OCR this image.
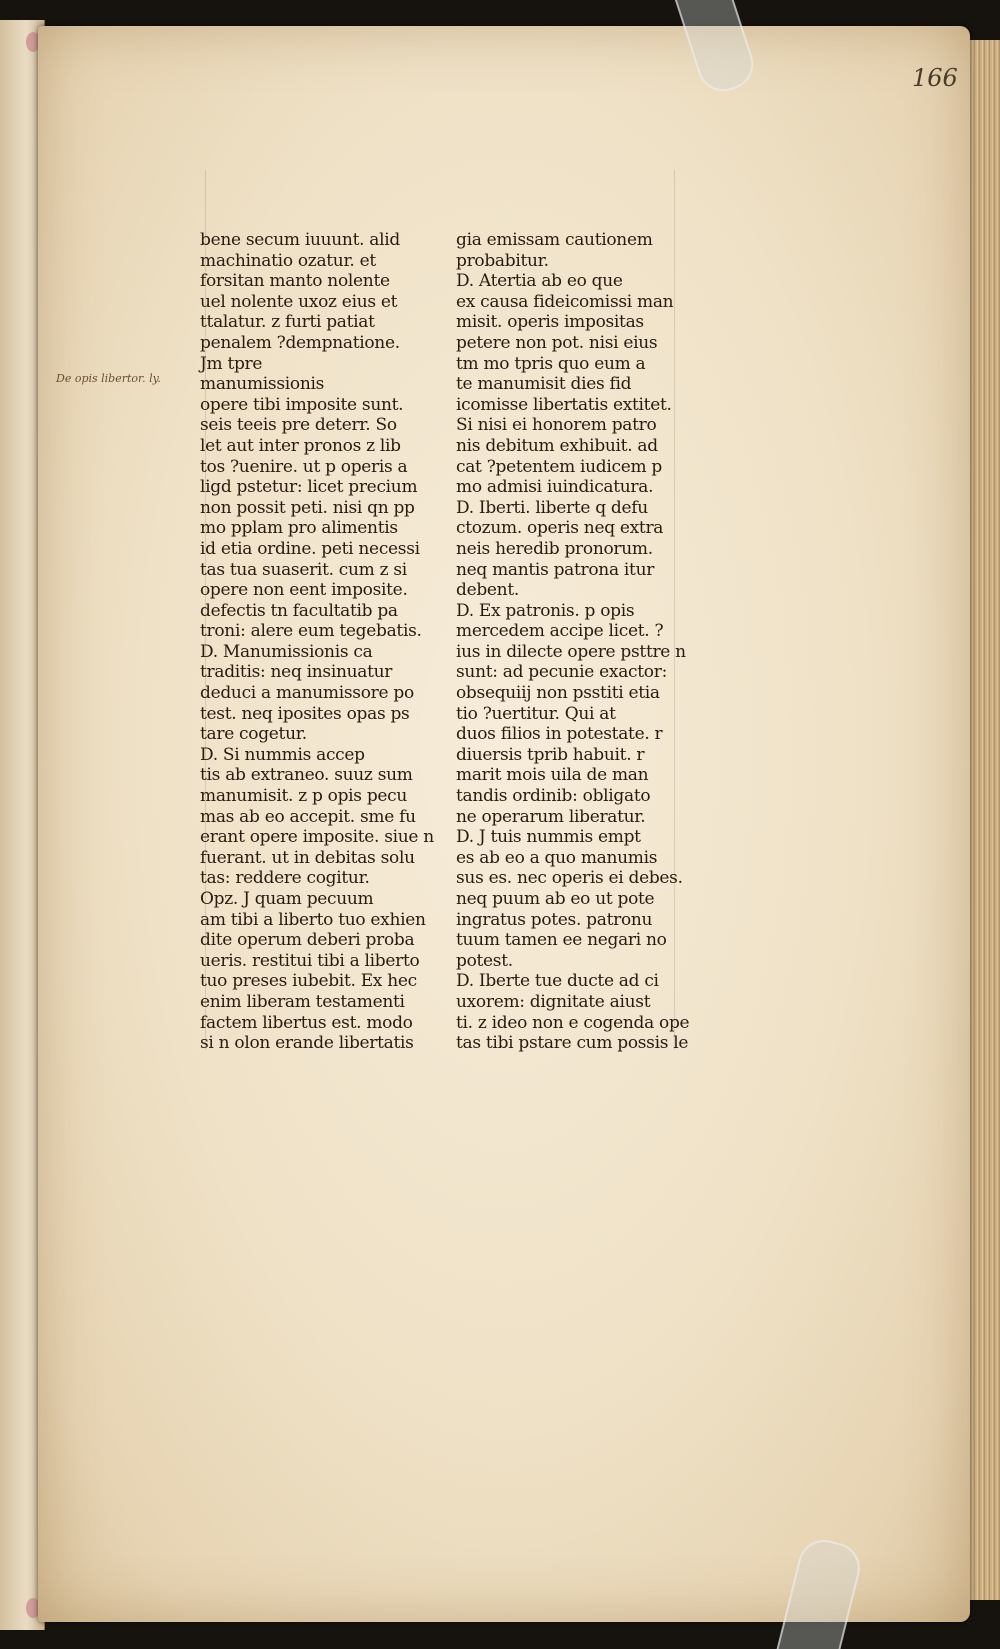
166
De opis libertor. ly.
bene secum iuuunt. alid
machinatio ozatur. et
forsitan manto nolente
uel nolente uxoz eius et
ttalatur. z furti patiat
penalem ?dempnatione.
Jm tpre
manumissionis
opere tibi imposite sunt.
seis teeis pre deterr. So
let aut inter pronos z lib
tos ?uenire. ut p operis a
ligd pstetur: licet precium
non possit peti. nisi qn pp
mo pplam pro alimentis
id etia ordine. peti necessi
tas tua suaserit. cum z si
opere non eent imposite.
defectis tn facultatib pa
troni: alere eum tegebatis.
D. Manumissionis ca
traditis: neq insinuatur
deduci a manumissore po
test. neq iposites opas ps
tare cogetur.
D. Si nummis accep
tis ab extraneo. suuz sum
manumisit. z p opis pecu
mas ab eo accepit. sme fu
erant opere imposite. siue n
fuerant. ut in debitas solu
tas: reddere cogitur.
Opz. J quam pecuum
am tibi a liberto tuo exhien
dite operum deberi proba
ueris. restitui tibi a liberto
tuo preses iubebit. Ex hec
enim liberam testamenti
factem libertus est. modo
si n olon erande libertatis
gia emissam cautionem
probabitur.
D. Atertia ab eo que
ex causa fideicomissi man
misit. operis impositas
petere non pot. nisi eius
tm mo tpris quo eum a
te manumisit dies fid
icomisse libertatis extitet.
Si nisi ei honorem patro
nis debitum exhibuit. ad
cat ?petentem iudicem p
mo admisi iuindicatura.
D. Iberti. liberte q defu
ctozum. operis neq extra
neis heredib pronorum.
neq mantis patrona itur
debent.
D. Ex patronis. p opis
mercedem accipe licet. ?
ius in dilecte opere psttre n
sunt: ad pecunie exactor:
obsequiij non psstiti etia
tio ?uertitur. Qui at
duos filios in potestate. r
diuersis tprib habuit. r
marit mois uila de man
tandis ordinib: obligato
ne operarum liberatur.
D. J tuis nummis empt
es ab eo a quo manumis
sus es. nec operis ei debes.
neq puum ab eo ut pote
ingratus potes. patronu
tuum tamen ee negari no
potest.
D. Iberte tue ducte ad ci
uxorem: dignitate aiust
ti. z ideo non e cogenda ope
tas tibi pstare cum possis le
